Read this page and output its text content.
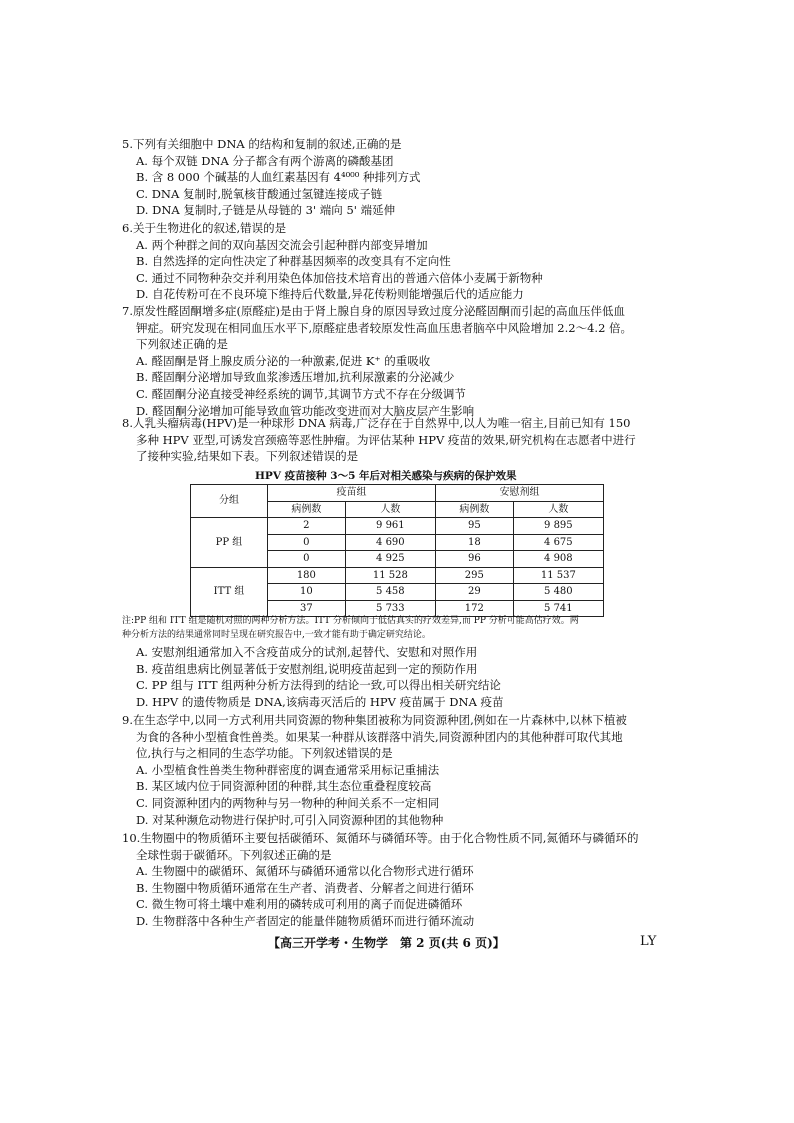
5.下列有关细胞中 DNA 的结构和复制的叙述,正确的是
A. 每个双链 DNA 分子都含有两个游离的磷酸基团
B. 含 8 000 个碱基的人血红素基因有 4⁴⁰⁰⁰ 种排列方式
C. DNA 复制时,脱氧核苷酸通过氢键连接成子链
D. DNA 复制时,子链是从母链的 3' 端向 5' 端延伸
6.关于生物进化的叙述,错误的是
A. 两个种群之间的双向基因交流会引起种群内部变异增加
B. 自然选择的定向性决定了种群基因频率的改变具有不定向性
C. 通过不同物种杂交并利用染色体加倍技术培育出的普通六倍体小麦属于新物种
D. 自花传粉可在不良环境下维持后代数量,异花传粉则能增强后代的适应能力
7.原发性醛固酮增多症(原醛症)是由于肾上腺自身的原因导致过度分泌醛固酮而引起的高血压伴低血
钾症。研究发现在相同血压水平下,原醛症患者较原发性高血压患者脑卒中风险增加 2.2～4.2 倍。
下列叙述正确的是
A. 醛固酮是肾上腺皮质分泌的一种激素,促进 K⁺ 的重吸收
B. 醛固酮分泌增加导致血浆渗透压增加,抗利尿激素的分泌减少
C. 醛固酮分泌直接受神经系统的调节,其调节方式不存在分级调节
D. 醛固酮分泌增加可能导致血管功能改变进而对大脑皮层产生影响
8.人乳头瘤病毒(HPV)是一种球形 DNA 病毒,广泛存在于自然界中,以人为唯一宿主,目前已知有 150
多种 HPV 亚型,可诱发宫颈癌等恶性肿瘤。为评估某种 HPV 疫苗的效果,研究机构在志愿者中进行
了接种实验,结果如下表。下列叙述错误的是
HPV 疫苗接种 3～5 年后对相关感染与疾病的保护效果
分组	疫苗组		安慰剂组	
	病例数	人数	病例数	人数
PP 组	2	9 961	95	9 895
	0	4 690	18	4 675
	0	4 925	96	4 908
ITT 组	180	11 528	295	11 537
	10	5 458	29	5 480
	37	5 733	172	5 741
注:PP 组和 ITT 组是随机对照的两种分析方法。ITT 分析倾向于低估真实的疗效差异,而 PP 分析可能高估疗效。两
种分析方法的结果通常同时呈现在研究报告中,一致才能有助于确定研究结论。
A. 安慰剂组通常加入不含疫苗成分的试剂,起替代、安慰和对照作用
B. 疫苗组患病比例显著低于安慰剂组,说明疫苗起到一定的预防作用
C. PP 组与 ITT 组两种分析方法得到的结论一致,可以得出相关研究结论
D. HPV 的遗传物质是 DNA,该病毒灭活后的 HPV 疫苗属于 DNA 疫苗
9.在生态学中,以同一方式利用共同资源的物种集团被称为同资源种团,例如在一片森林中,以林下植被
为食的各种小型植食性兽类。如果某一种群从该群落中消失,同资源种团内的其他种群可取代其地
位,执行与之相同的生态学功能。下列叙述错误的是
A. 小型植食性兽类生物种群密度的调查通常采用标记重捕法
B. 某区域内位于同资源种团的种群,其生态位重叠程度较高
C. 同资源种团内的两物种与另一物种的种间关系不一定相同
D. 对某种濒危动物进行保护时,可引入同资源种团的其他物种
10.生物圈中的物质循环主要包括碳循环、氮循环与磷循环等。由于化合物性质不同,氮循环与磷循环的
全球性弱于碳循环。下列叙述正确的是
A. 生物圈中的碳循环、氮循环与磷循环通常以化合物形式进行循环
B. 生物圈中物质循环通常在生产者、消费者、分解者之间进行循环
C. 微生物可将土壤中难利用的磷转成可利用的离子而促进磷循环
D. 生物群落中各种生产者固定的能量伴随物质循环而进行循环流动
【高三开学考・生物学　第 2 页(共 6 页)】	LY
